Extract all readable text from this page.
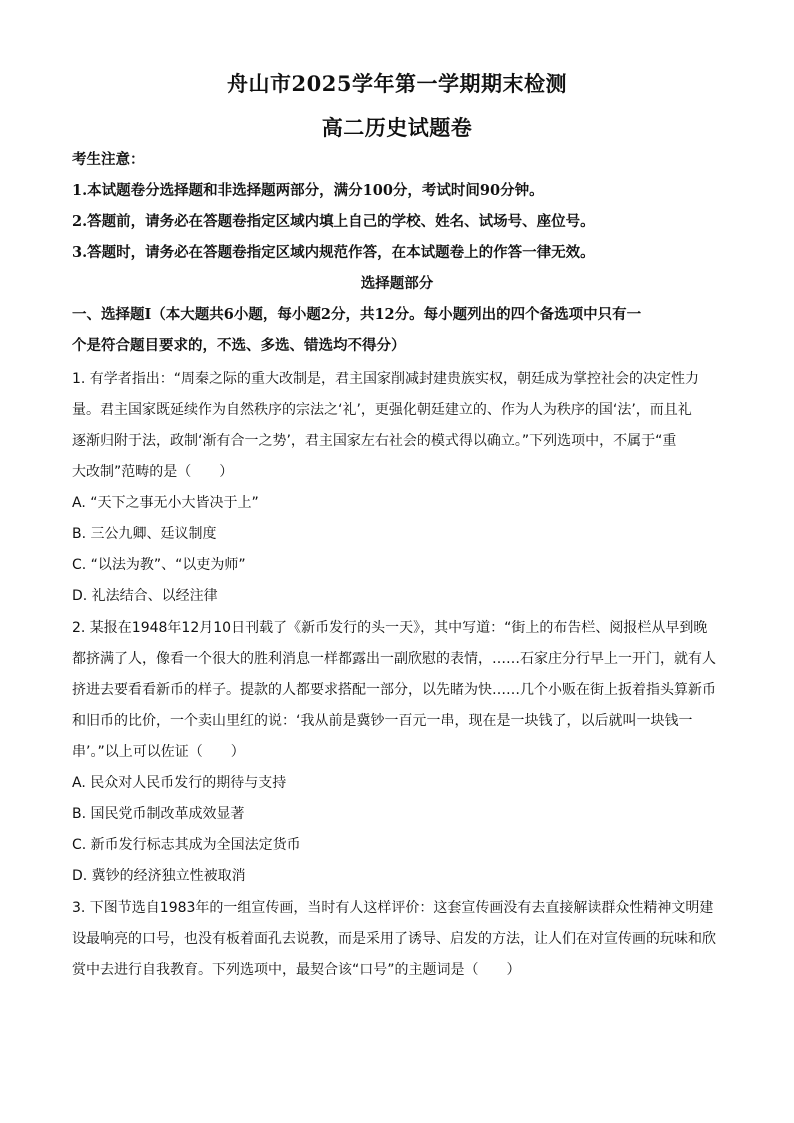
舟山市2025学年第一学期期末检测
高二历史试题卷
考生注意：
1.本试题卷分选择题和非选择题两部分，满分100分，考试时间90分钟。
2.答题前，请务必在答题卷指定区域内填上自己的学校、姓名、试场号、座位号。
3.答题时，请务必在答题卷指定区域内规范作答，在本试题卷上的作答一律无效。
选择题部分
一、选择题Ⅰ（本大题共6小题，每小题2分，共12分。每小题列出的四个备选项中只有一
个是符合题目要求的，不选、多选、错选均不得分）
1. 有学者指出：“周秦之际的重大改制是，君主国家削减封建贵族实权，朝廷成为掌控社会的决定性力
量。君主国家既延续作为自然秩序的宗法之‘礼’，更强化朝廷建立的、作为人为秩序的国‘法’，而且礼
逐渐归附于法，政制‘渐有合一之势’，君主国家左右社会的模式得以确立。”下列选项中，不属于“重
大改制”范畴的是（　　）
A. “天下之事无小大皆决于上”
B. 三公九卿、廷议制度
C. “以法为教”、“以吏为师”
D. 礼法结合、以经注律
2. 某报在1948年12月10日刊载了《新币发行的头一天》，其中写道：“街上的布告栏、阅报栏从早到晚
都挤满了人，像看一个很大的胜利消息一样都露出一副欣慰的表情，……石家庄分行早上一开门，就有人
挤进去要看看新币的样子。提款的人都要求搭配一部分，以先睹为快……几个小贩在街上扳着指头算新币
和旧币的比价，一个卖山里红的说：‘我从前是冀钞一百元一串，现在是一块钱了，以后就叫一块钱一
串’。”以上可以佐证（　　）
A. 民众对人民币发行的期待与支持
B. 国民党币制改革成效显著
C. 新币发行标志其成为全国法定货币
D. 冀钞的经济独立性被取消
3. 下图节选自1983年的一组宣传画，当时有人这样评价：这套宣传画没有去直接解读群众性精神文明建
设最响亮的口号，也没有板着面孔去说教，而是采用了诱导、启发的方法，让人们在对宣传画的玩味和欣
赏中去进行自我教育。下列选项中，最契合该“口号”的主题词是（　　）
